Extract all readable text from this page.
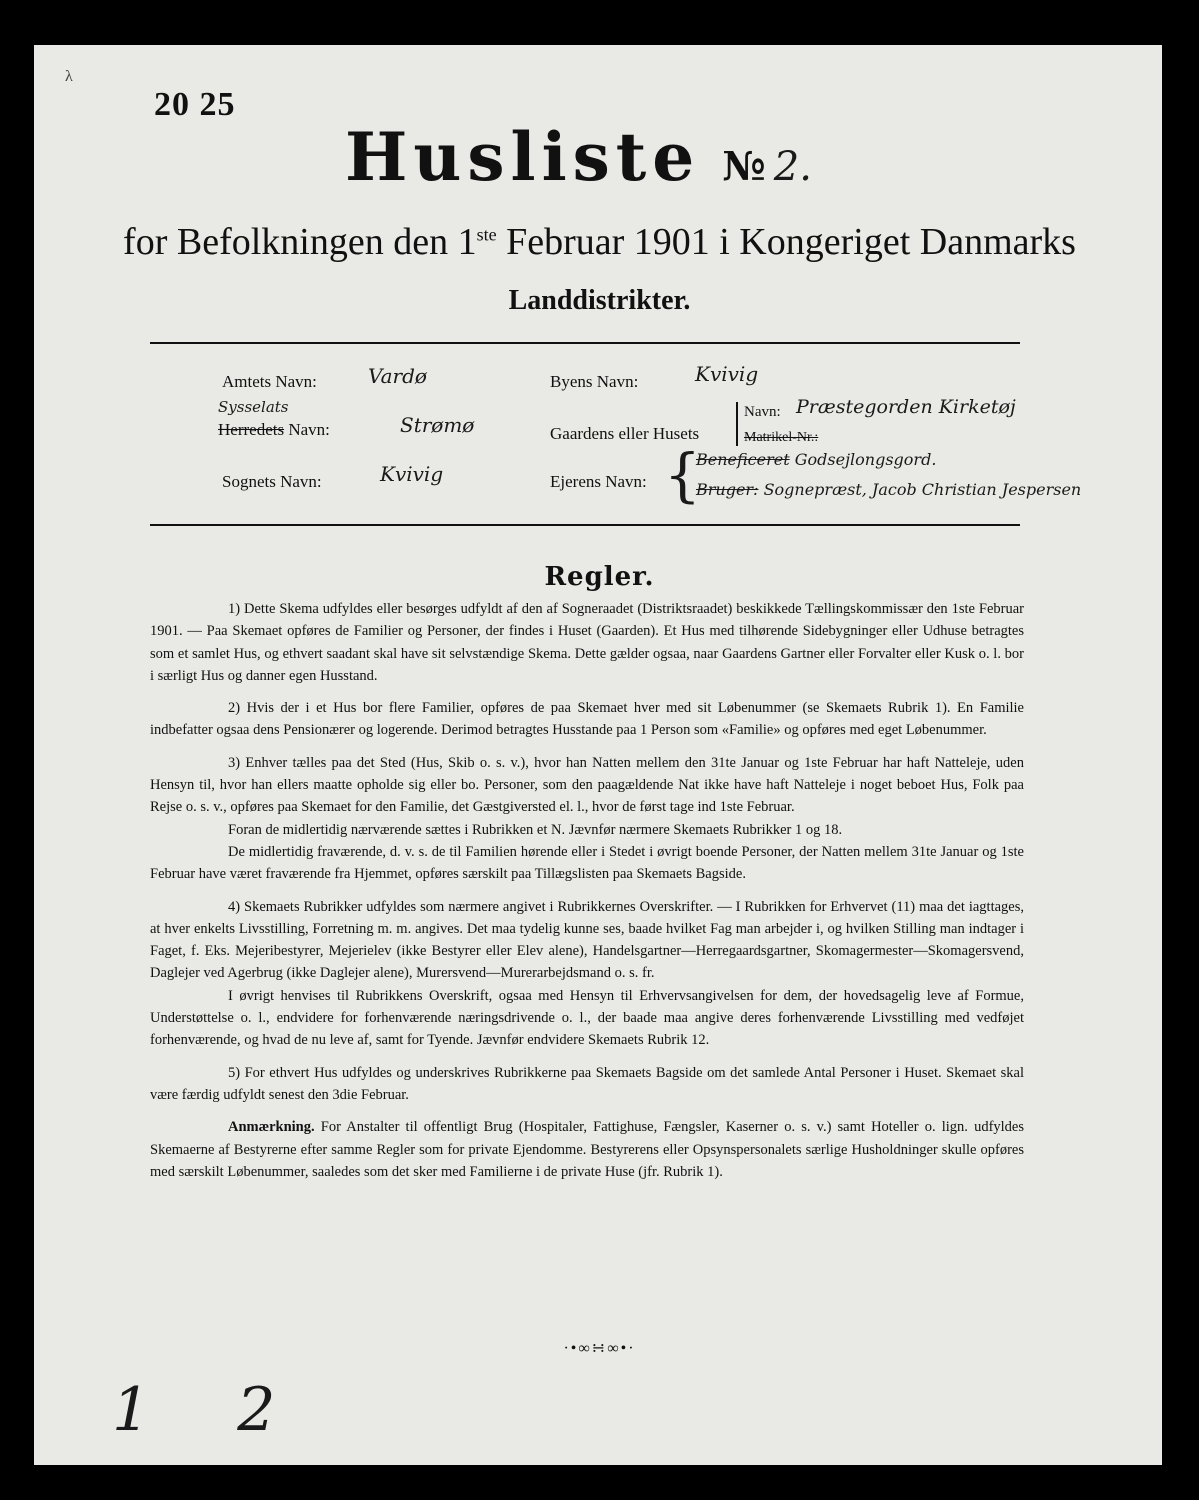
λ
20 25
Husliste № 2.
for Befolkningen den 1ste Februar 1901 i Kongeriget Danmarks
Landdistrikter.
Amtets Navn:	Vardø
Sysselats
Herredets Navn:	Strømø
Sognets Navn:	Kvivig
Byens Navn:	Kvivig
Gaardens eller Husets
Navn: Præstegorden Kirketøj
Matrikel-Nr.:
Ejerens Navn: {
Beneficeret Godsejlongsgord.
Bruger: Sognepræst, Jacob Christian Jespersen
Regler.

1) Dette Skema udfyldes eller besørges udfyldt af den af Sogneraadet (Distriktsraadet) beskikkede Tællingskommissær den 1ste Februar 1901. — Paa Skemaet opføres de Familier og Personer, der findes i Huset (Gaarden). Et Hus med tilhørende Sidebygninger eller Udhuse betragtes som et samlet Hus, og ethvert saadant skal have sit selvstændige Skema. Dette gælder ogsaa, naar Gaardens Gartner eller Forvalter eller Kusk o. l. bor i særligt Hus og danner egen Husstand.

2) Hvis der i et Hus bor flere Familier, opføres de paa Skemaet hver med sit Løbenummer (se Skemaets Rubrik 1). En Familie indbefatter ogsaa dens Pensionærer og logerende. Derimod betragtes Husstande paa 1 Person som «Familie» og opføres med eget Løbenummer.

3) Enhver tælles paa det Sted (Hus, Skib o. s. v.), hvor han Natten mellem den 31te Januar og 1ste Februar har haft Natteleje, uden Hensyn til, hvor han ellers maatte opholde sig eller bo. Personer, som den paagældende Nat ikke have haft Natteleje i noget beboet Hus, Folk paa Rejse o. s. v., opføres paa Skemaet for den Familie, det Gæstgiversted el. l., hvor de først tage ind 1ste Februar.

Foran de midlertidig nærværende sættes i Rubrikken et N. Jævnfør nærmere Skemaets Rubrikker 1 og 18.

De midlertidig fraværende, d. v. s. de til Familien hørende eller i Stedet i øvrigt boende Personer, der Natten mellem 31te Januar og 1ste Februar have været fraværende fra Hjemmet, opføres særskilt paa Tillægslisten paa Skemaets Bagside.

4) Skemaets Rubrikker udfyldes som nærmere angivet i Rubrikkernes Overskrifter. — I Rubrikken for Erhvervet (11) maa det iagttages, at hver enkelts Livsstilling, Forretning m. m. angives. Det maa tydelig kunne ses, baade hvilket Fag man arbejder i, og hvilken Stilling man indtager i Faget, f. Eks. Mejeribestyrer, Mejerielev (ikke Bestyrer eller Elev alene), Handelsgartner—Herregaardsgartner, Skomagermester—Skomagersvend, Daglejer ved Agerbrug (ikke Daglejer alene), Murersvend—Murerarbejdsmand o. s. fr.

I øvrigt henvises til Rubrikkens Overskrift, ogsaa med Hensyn til Erhvervsangivelsen for dem, der hovedsagelig leve af Formue, Understøttelse o. l., endvidere for forhenværende næringsdrivende o. l., der baade maa angive deres forhenværende Livsstilling med vedføjet forhenværende, og hvad de nu leve af, samt for Tyende. Jævnfør endvidere Skemaets Rubrik 12.

5) For ethvert Hus udfyldes og underskrives Rubrikkerne paa Skemaets Bagside om det samlede Antal Personer i Huset. Skemaet skal være færdig udfyldt senest den 3die Februar.

Anmærkning. For Anstalter til offentligt Brug (Hospitaler, Fattighuse, Fængsler, Kaserner o. s. v.) samt Hoteller o. lign. udfyldes Skemaerne af Bestyrerne efter samme Regler som for private Ejendomme. Bestyrerens eller Opsynspersonalets særlige Husholdninger skulle opføres med særskilt Løbenummer, saaledes som det sker med Familierne i de private Huse (jfr. Rubrik 1).

·•∞∺∞•·
1 2
